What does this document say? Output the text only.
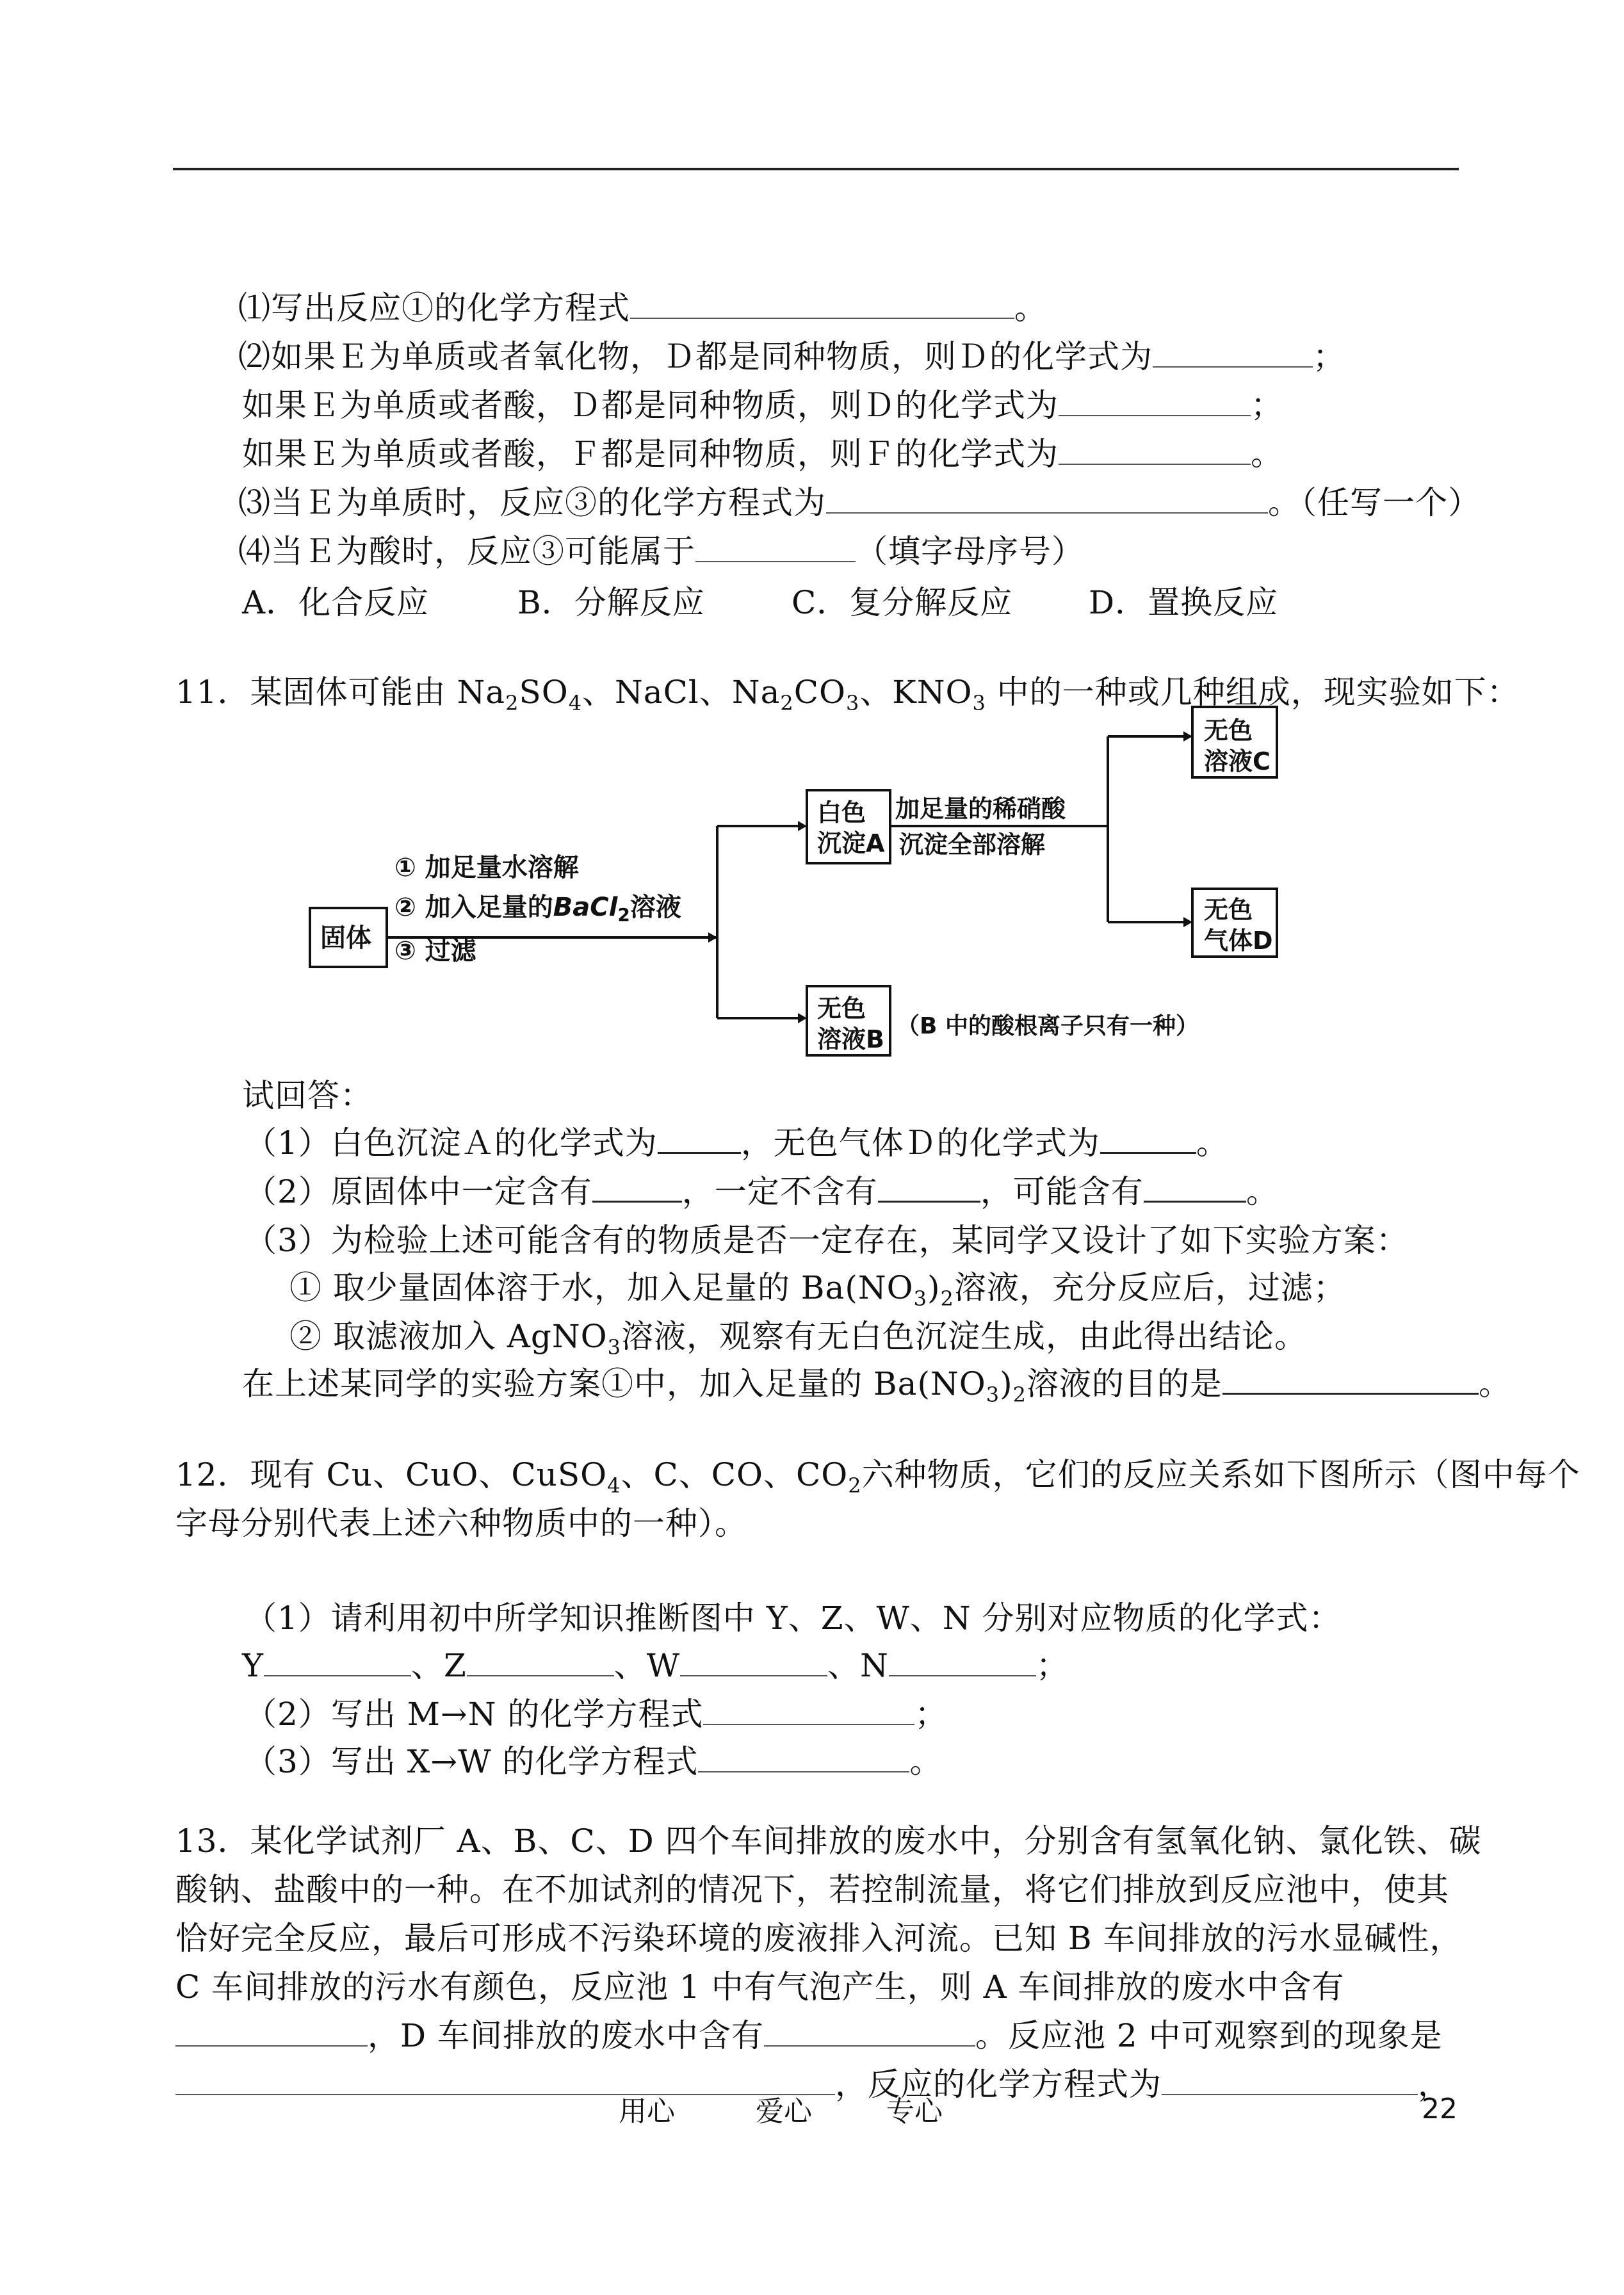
⑴写出反应①的化学方程式	。
⑵如果Ｅ为单质或者氧化物，Ｄ都是同种物质，则Ｄ的化学式为	；
如果Ｅ为单质或者酸，Ｄ都是同种物质，则Ｄ的化学式为	；
如果Ｅ为单质或者酸，Ｆ都是同种物质，则Ｆ的化学式为	。
⑶当Ｅ为单质时，反应③的化学方程式为	。（任写一个）
⑷当Ｅ为酸时，反应③可能属于	（填字母序号）
A．化合反应	B．分解反应	C．复分解反应 D．置换反应
11．某固体可能由 $Na_2SO_4$、NaCl、$Na_2CO_3$、$KNO_3$ 中的一种或几种组成，现实验如下：
固体
① 加足量水溶解
② 加入足量的BaCl$_2$溶液
③ 过滤
白色
沉淀A
加足量的稀硝酸
沉淀全部溶解
无色
溶液C
无色
气体D
无色
溶液B （B 中的酸根离子只有一种）
试回答：
（1）白色沉淀Ａ的化学式为	，无色气体Ｄ的化学式为	。
（2）原固体中一定含有	，一定不含有	，可能含有	。
（3）为检验上述可能含有的物质是否一定存在，某同学又设计了如下实验方案：
① 取少量固体溶于水，加入足量的 $Ba(NO_3)_2$溶液，充分反应后，过滤；
② 取滤液加入 AgNO$_3$溶液，观察有无白色沉淀生成，由此得出结论。
在上述某同学的实验方案①中，加入足量的 $Ba(NO_3)_2$溶液的目的是	。
12．现有 Cu、CuO、CuSO$_4$、C、CO、$CO_2$六种物质，它们的反应关系如下图所示（图中每个
字母分别代表上述六种物质中的一种）。
（1）请利用初中所学知识推断图中 Y、Z、W、N 分别对应物质的化学式：
Y	、Z	、W	、N	；
（2）写出 M→N 的化学方程式	；
（3）写出 X→W 的化学方程式	。
13．某化学试剂厂 A、B、C、D 四个车间排放的废水中，分别含有氢氧化钠、氯化铁、碳
酸钠、盐酸中的一种。在不加试剂的情况下，若控制流量，将它们排放到反应池中，使其
恰好完全反应，最后可形成不污染环境的废液排入河流。已知 B 车间排放的污水显碱性，
C 车间排放的污水有颜色，反应池 1 中有气泡产生，则 A 车间排放的废水中含有
，D 车间排放的废水中含有	。反应池 2 中可观察到的现象是
，反应的化学方程式为	，
用心	爱心	专心	22
